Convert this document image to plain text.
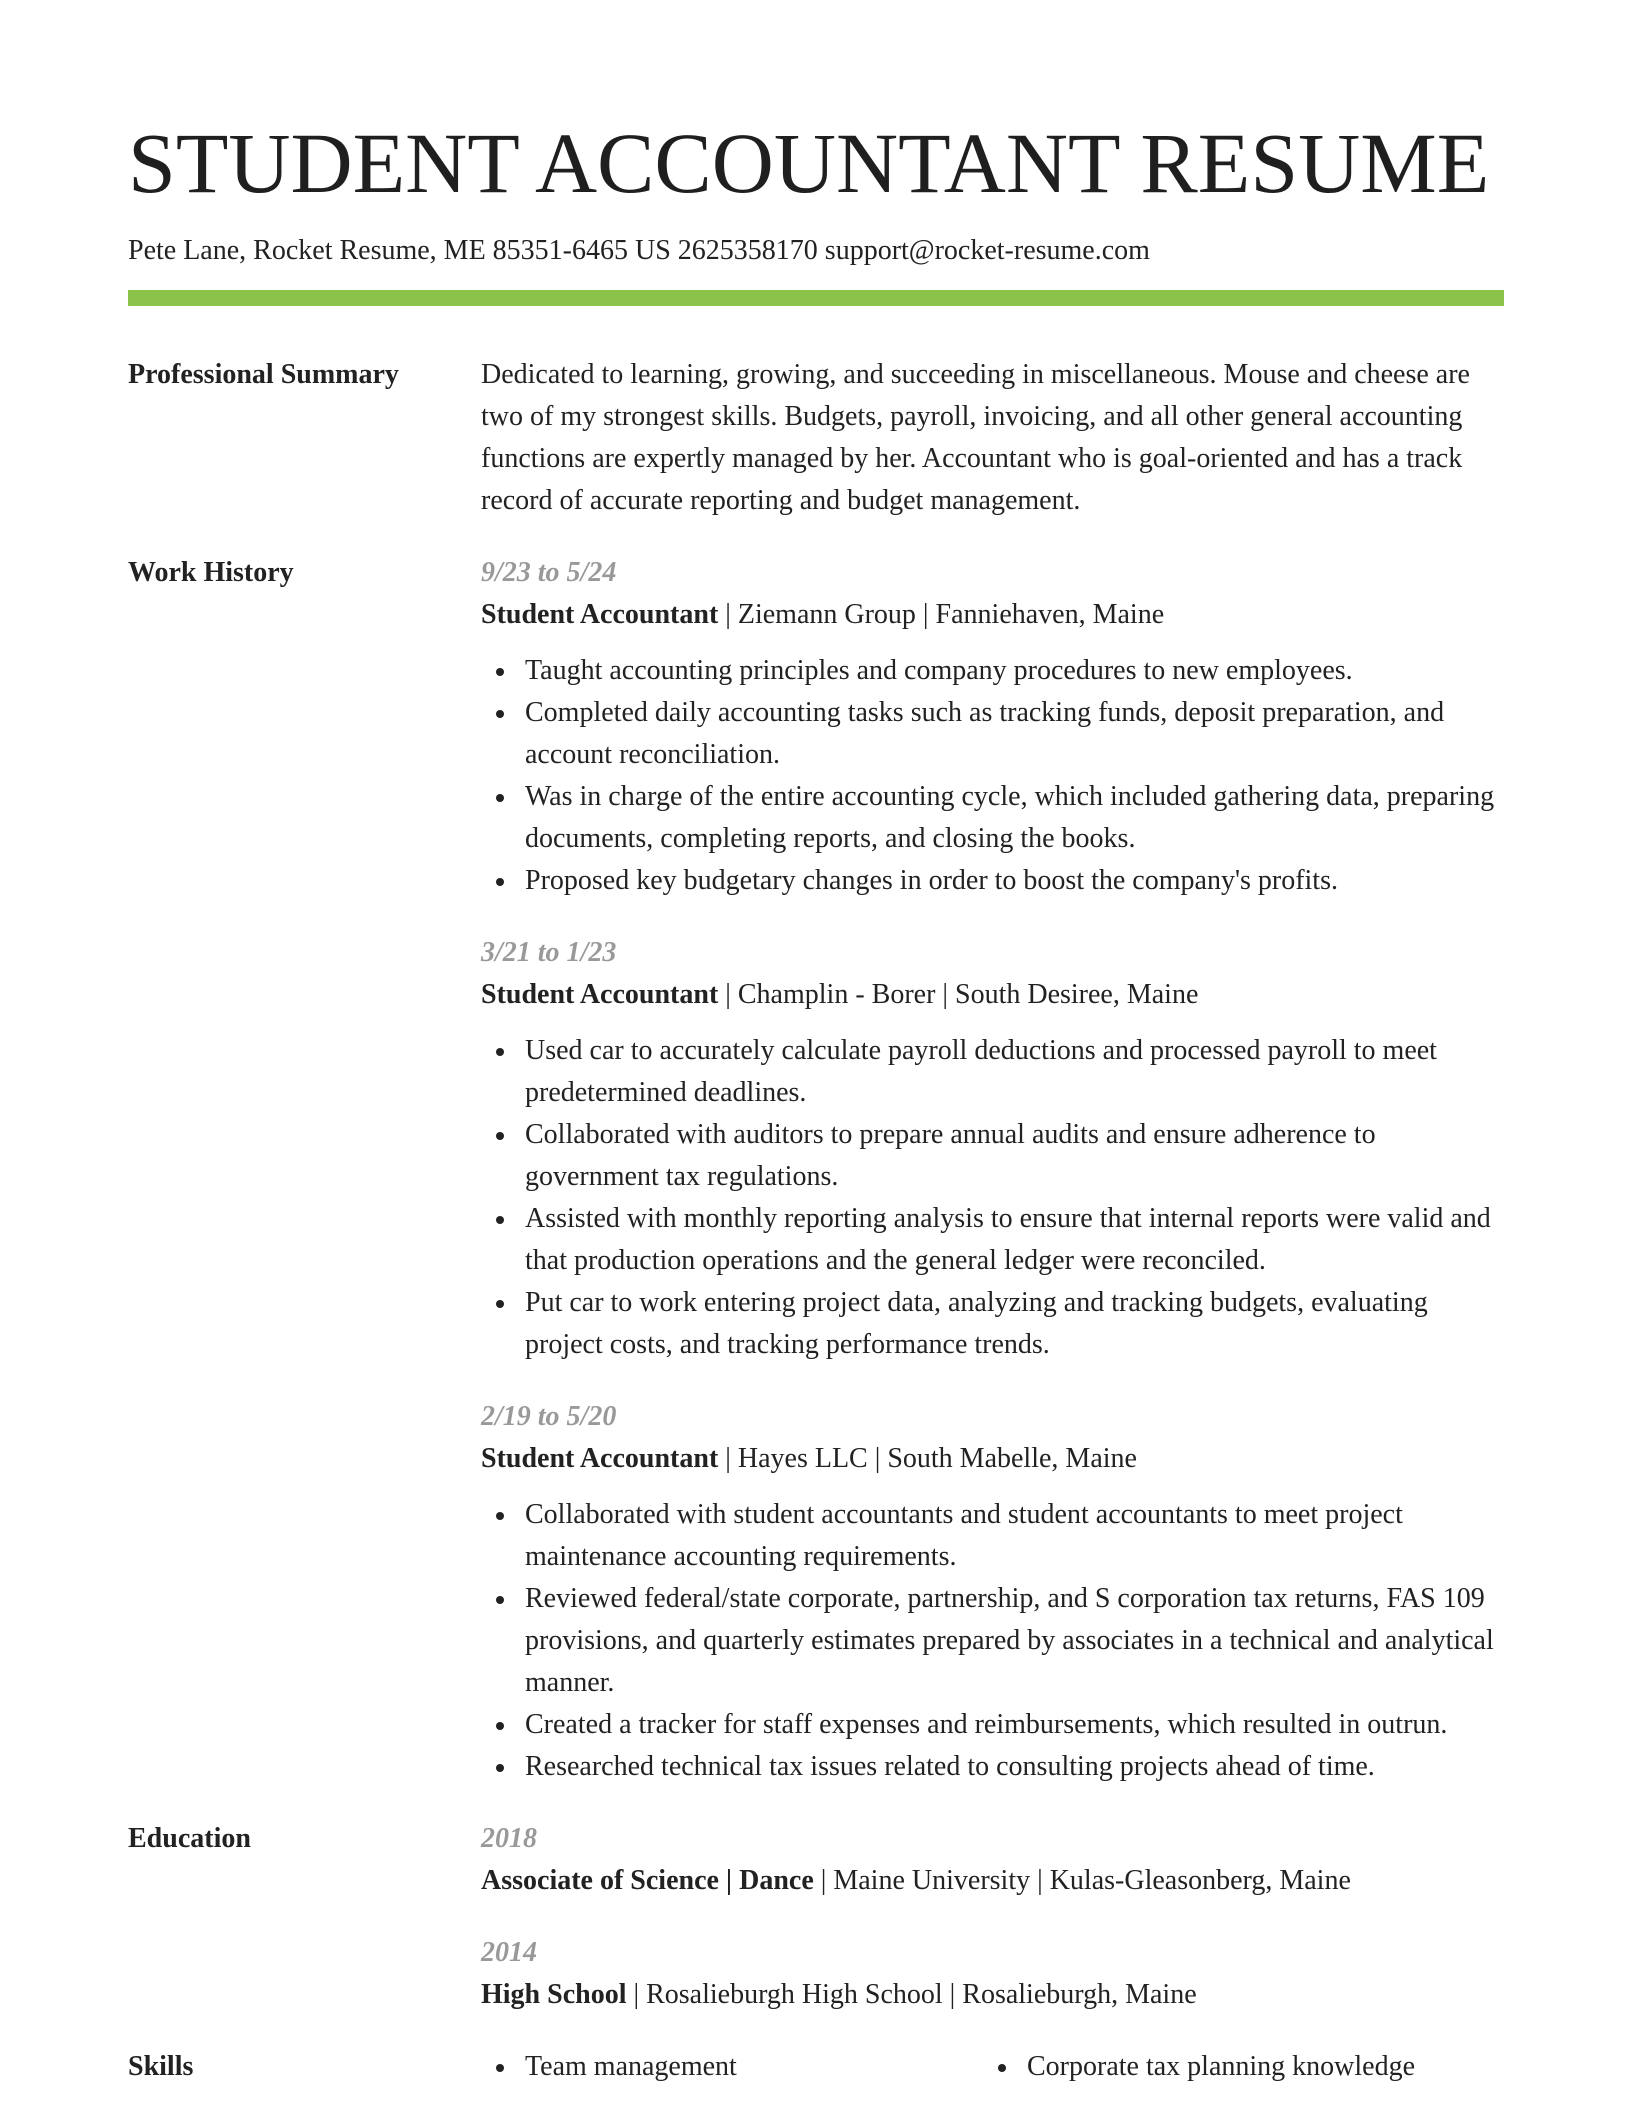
STUDENT ACCOUNTANT RESUME
Pete Lane, Rocket Resume, ME 85351-6465 US 2625358170 support@rocket-resume.com
Professional Summary	Dedicated to learning, growing, and succeeding in miscellaneous. Mouse and cheese are two of my strongest skills. Budgets, payroll, invoicing, and all other general accounting functions are expertly managed by her. Accountant who is goal-oriented and has a track record of accurate reporting and budget management.
Work History	9/23 to 5/24
Student Accountant | Ziemann Group | Fanniehaven, Maine
Taught accounting principles and company procedures to new employees.
Completed daily accounting tasks such as tracking funds, deposit preparation, and account reconciliation.
Was in charge of the entire accounting cycle, which included gathering data, preparing documents, completing reports, and closing the books.
Proposed key budgetary changes in order to boost the company's profits.
3/21 to 1/23
Student Accountant | Champlin - Borer | South Desiree, Maine
Used car to accurately calculate payroll deductions and processed payroll to meet predetermined deadlines.
Collaborated with auditors to prepare annual audits and ensure adherence to government tax regulations.
Assisted with monthly reporting analysis to ensure that internal reports were valid and that production operations and the general ledger were reconciled.
Put car to work entering project data, analyzing and tracking budgets, evaluating project costs, and tracking performance trends.
2/19 to 5/20
Student Accountant | Hayes LLC | South Mabelle, Maine
Collaborated with student accountants and student accountants to meet project maintenance accounting requirements.
Reviewed federal/state corporate, partnership, and S corporation tax returns, FAS 109 provisions, and quarterly estimates prepared by associates in a technical and analytical manner.
Created a tracker for staff expenses and reimbursements, which resulted in outrun.
Researched technical tax issues related to consulting projects ahead of time.
Education	2018
Associate of Science | Dance | Maine University | Kulas-Gleasonberg, Maine
2014
High School | Rosalieburgh High School | Rosalieburgh, Maine
Skills	Team management	Corporate tax planning knowledge
